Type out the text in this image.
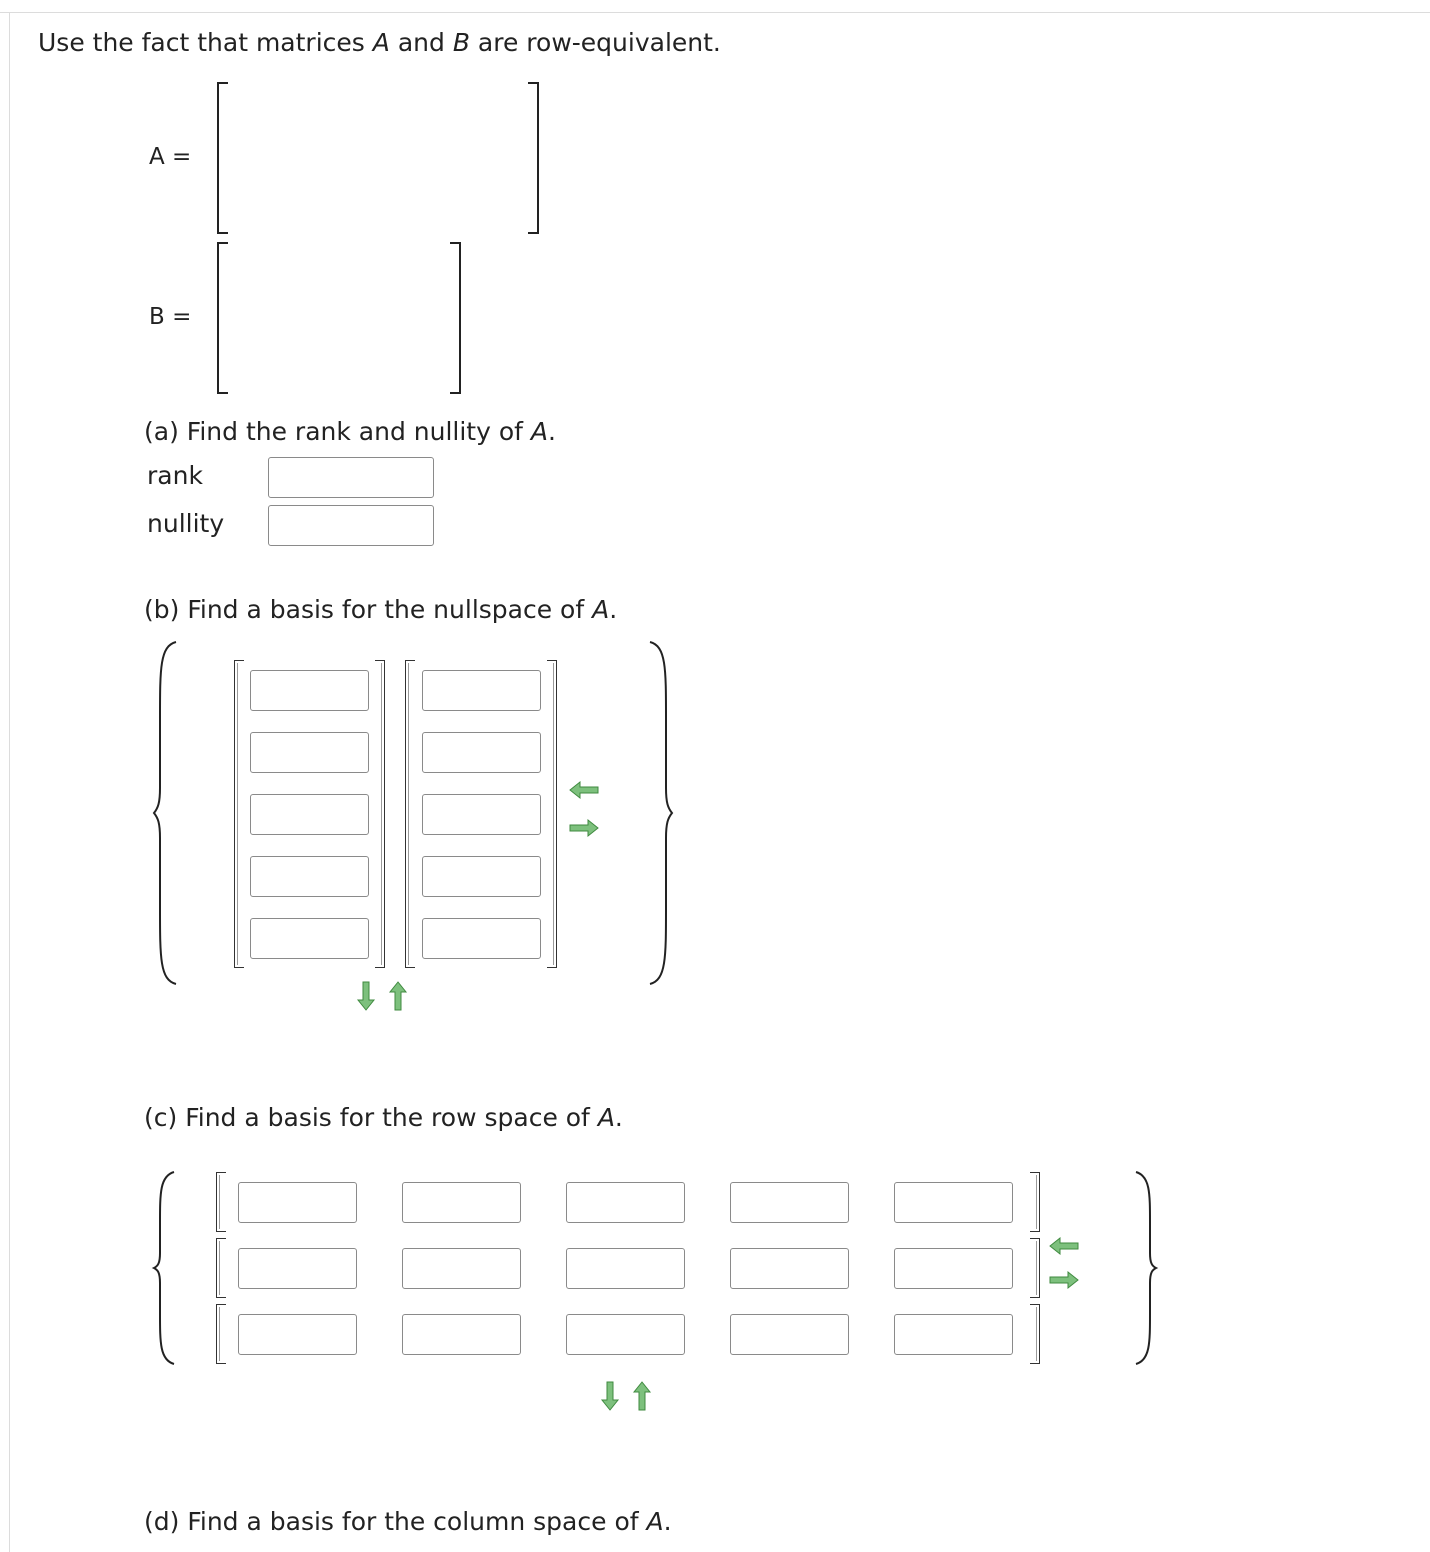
Use the fact that matrices A and B are row-equivalent.
A =
B =
(a) Find the rank and nullity of A.
rank
nullity
(b) Find a basis for the nullspace of A.
(c) Find a basis for the row space of A.
(d) Find a basis for the column space of A.
